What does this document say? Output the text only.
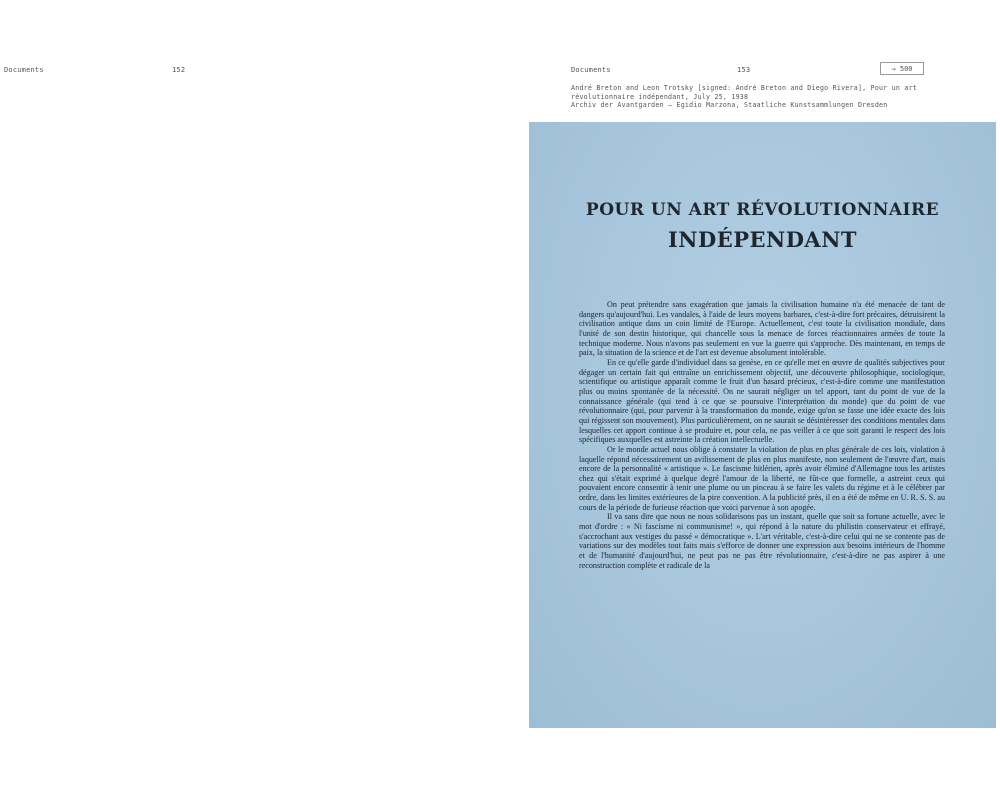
Documents	152	Documents	153	→ 500
André Breton and Leon Trotsky [signed: André Breton and Diego Rivera], Pour un art
révolutionnaire indépendant, July 25, 1938
Archiv der Avantgarden – Egidio Marzona, Staatliche Kunstsammlungen Dresden
POUR UN ART RÉVOLUTIONNAIRE
INDÉPENDANT

On peut prétendre sans exagération que jamais la civilisation humaine n'a été menacée de tant de dangers qu'aujourd'hui. Les vandales, à l'aide de leurs moyens barbares, c'est-à-dire fort précaires, détruisirent la civilisation antique dans un coin limité de l'Europe. Actuellement, c'est toute la civilisation mondiale, dans l'unité de son destin historique, qui chancelle sous la menace de forces réactionnaires armées de toute la technique moderne. Nous n'avons pas seulement en vue la guerre qui s'approche. Dès maintenant, en temps de paix, la situation de la science et de l'art est devenue absolument intolérable.

En ce qu'elle garde d'individuel dans sa genèse, en ce qu'elle met en œuvre de qualités subjectives pour dégager un certain fait qui entraîne un enrichissement objectif, une découverte philosophique, sociologique, scientifique ou artistique apparaît comme le fruit d'un hasard précieux, c'est-à-dire comme une manifestation plus ou moins spontanée de la nécessité. On ne saurait négliger un tel apport, tant du point de vue de la connaissance générale (qui tend à ce que se poursuive l'interprétation du monde) que du point de vue révolutionnaire (qui, pour parvenir à la transformation du monde, exige qu'on se fasse une idée exacte des lois qui régissent son mouvement). Plus particulièrement, on ne saurait se désintéresser des conditions mentales dans lesquelles cet apport continue à se produire et, pour cela, ne pas veiller à ce que soit garanti le respect des lois spécifiques auxquelles est astreinte la création intellectuelle.

Or le monde actuel nous oblige à constater la violation de plus en plus générale de ces lois, violation à laquelle répond nécessairement un avilissement de plus en plus manifeste, non seulement de l'œuvre d'art, mais encore de la personnalité « artistique ». Le fascisme hitlérien, après avoir éliminé d'Allemagne tous les artistes chez qui s'était exprimé à quelque degré l'amour de la liberté, ne fût-ce que formelle, a astreint ceux qui pouvaient encore consentir à tenir une plume ou un pinceau à se faire les valets du régime et à le célébrer par ordre, dans les limites extérieures de la pire convention. A la publicité près, il en a été de même en U. R. S. S. au cours de la période de furieuse réaction que voici parvenue à son apogée.

Il va sans dire que nous ne nous solidarisons pas un instant, quelle que soit sa fortune actuelle, avec le mot d'ordre : « Ni fascisme ni communisme! », qui répond à la nature du philistin conservateur et effrayé, s'accrochant aux vestiges du passé « démocratique ». L'art véritable, c'est-à-dire celui qui ne se contente pas de variations sur des modèles tout faits mais s'efforce de donner une expression aux besoins intérieurs de l'homme et de l'humanité d'aujourd'hui, ne peut pas ne pas être révolutionnaire, c'est-à-dire ne pas aspirer à une reconstruction complète et radicale de la
